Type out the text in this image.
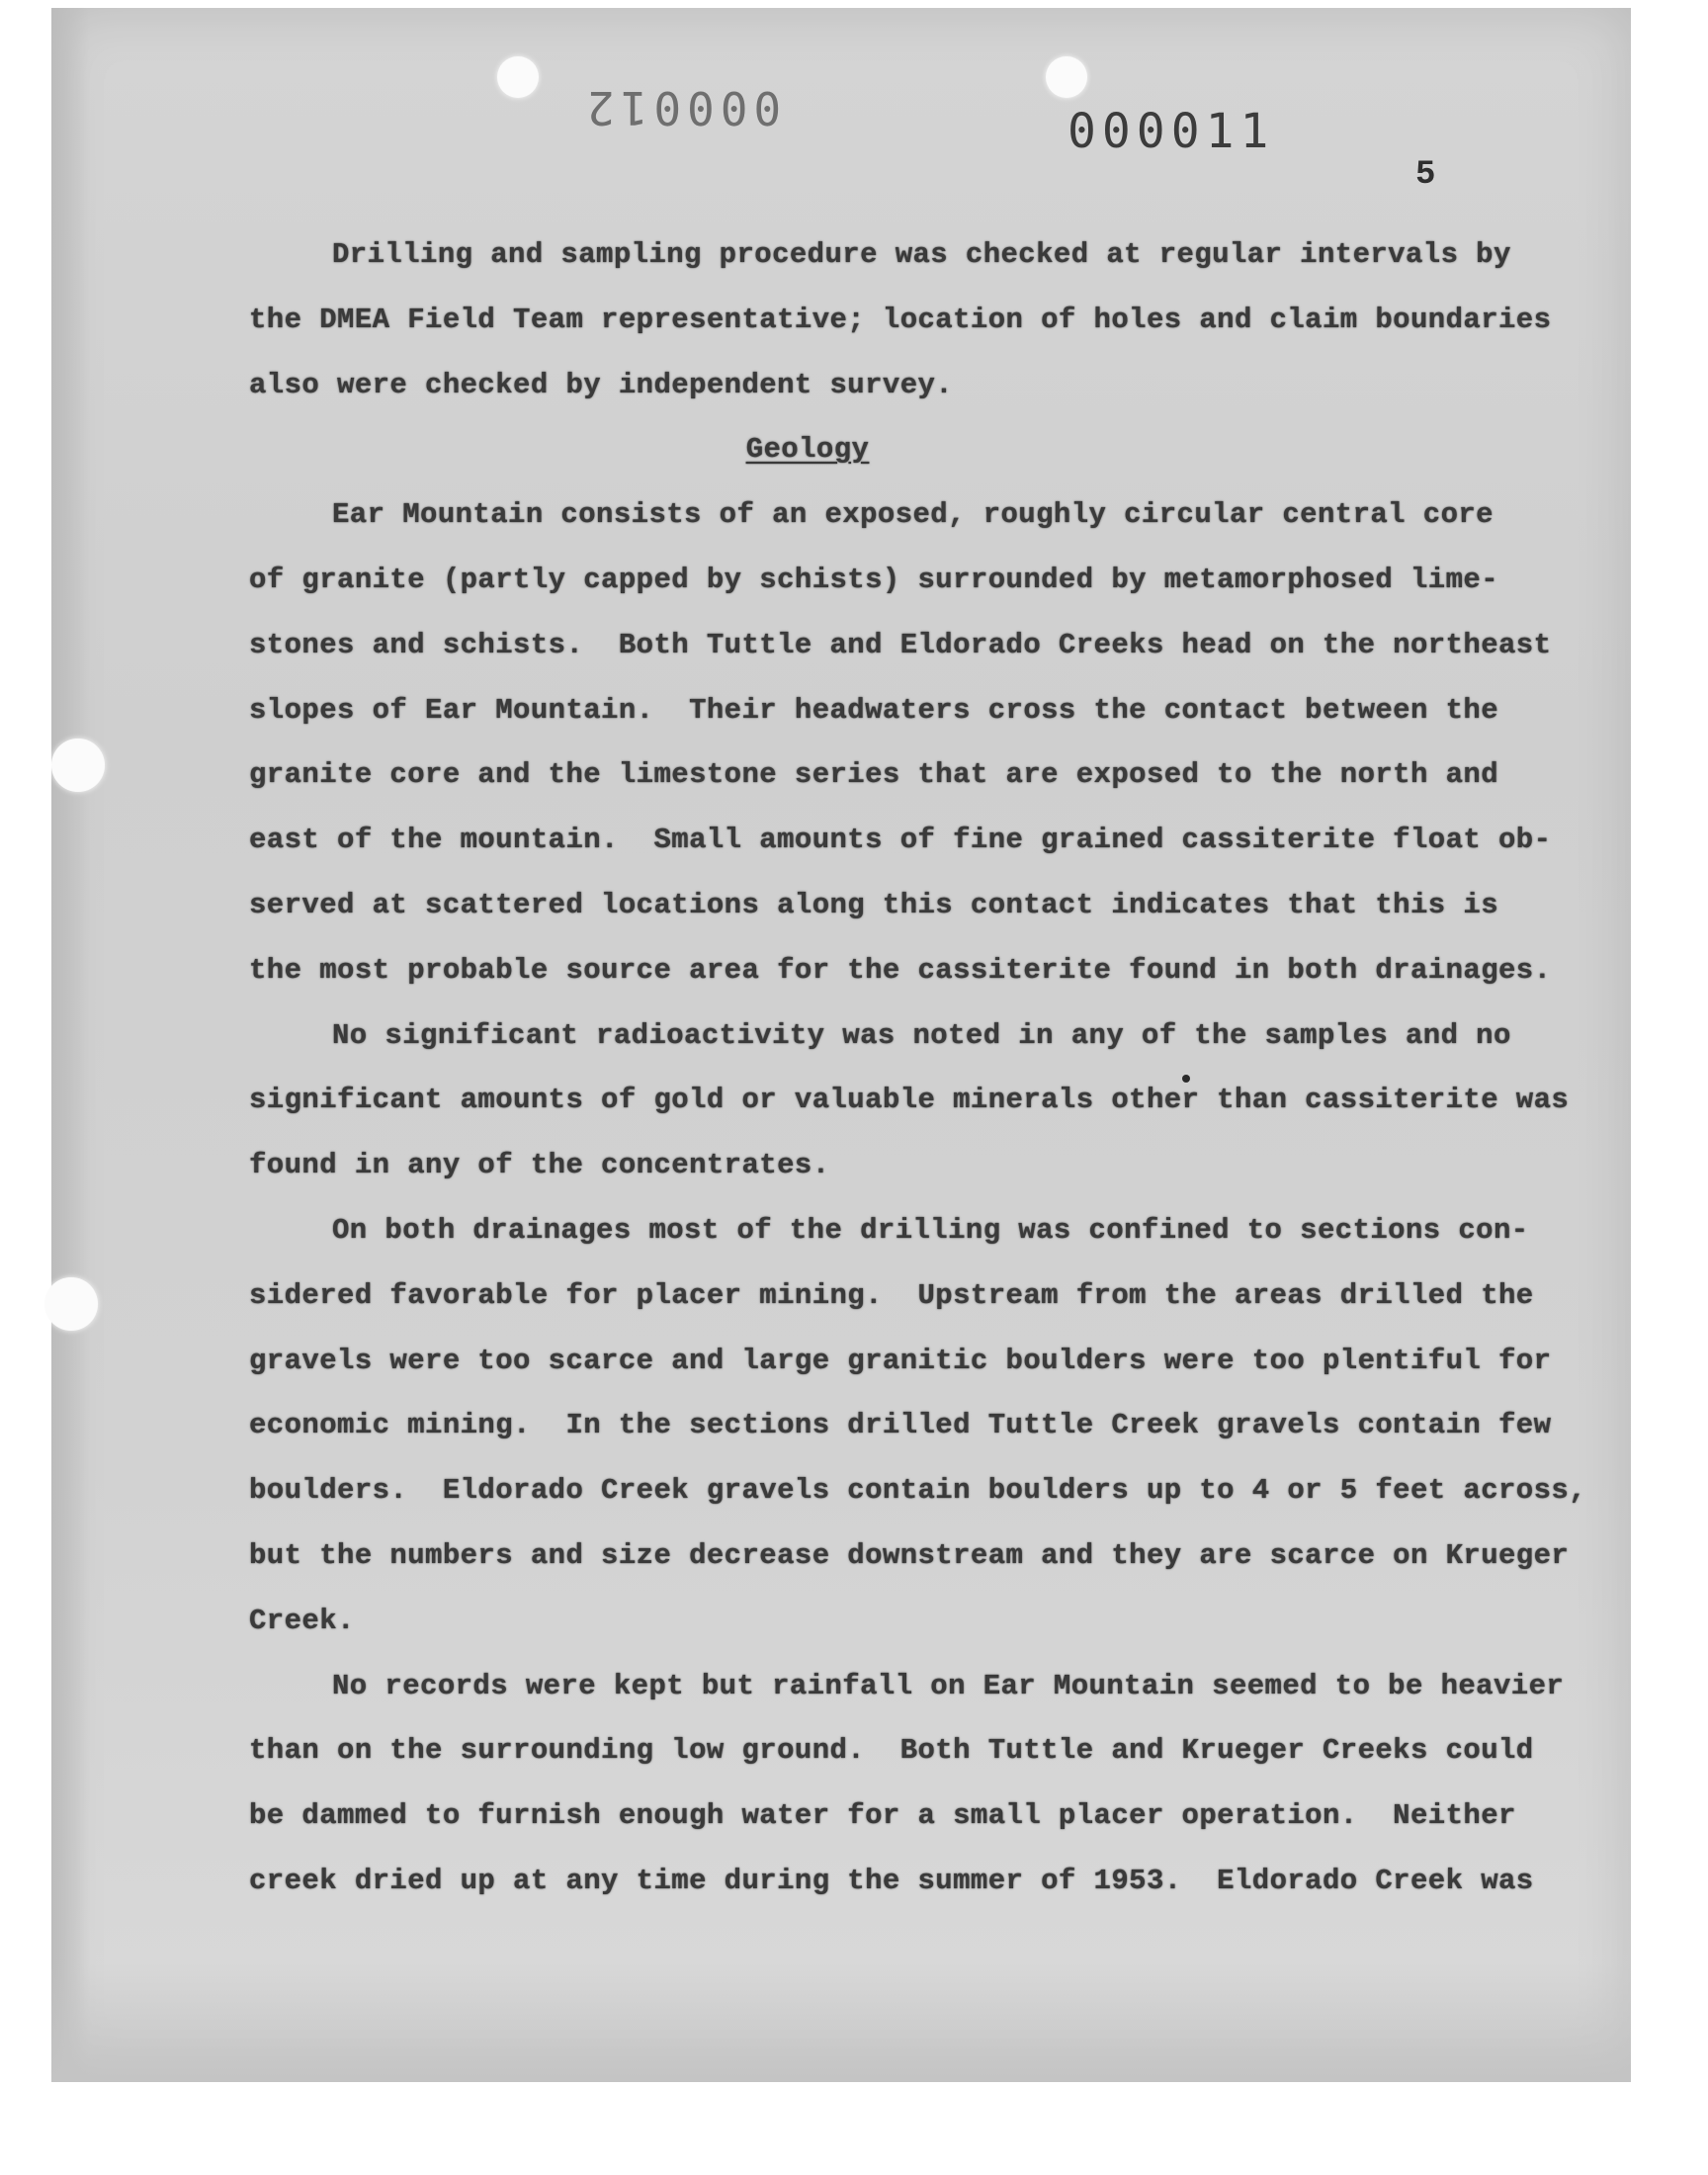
000012	000011
5
Drilling and sampling procedure was checked at regular intervals by
the DMEA Field Team representative; location of holes and claim boundaries
also were checked by independent survey.
Geology
Ear Mountain consists of an exposed, roughly circular central core
of granite (partly capped by schists) surrounded by metamorphosed lime-
stones and schists.  Both Tuttle and Eldorado Creeks head on the northeast
slopes of Ear Mountain.  Their headwaters cross the contact between the
granite core and the limestone series that are exposed to the north and
east of the mountain.  Small amounts of fine grained cassiterite float ob-
served at scattered locations along this contact indicates that this is
the most probable source area for the cassiterite found in both drainages.
No significant radioactivity was noted in any of the samples and no
significant amounts of gold or valuable minerals other than cassiterite was
found in any of the concentrates.
On both drainages most of the drilling was confined to sections con-
sidered favorable for placer mining.  Upstream from the areas drilled the
gravels were too scarce and large granitic boulders were too plentiful for
economic mining.  In the sections drilled Tuttle Creek gravels contain few
boulders.  Eldorado Creek gravels contain boulders up to 4 or 5 feet across,
but the numbers and size decrease downstream and they are scarce on Krueger
Creek.
No records were kept but rainfall on Ear Mountain seemed to be heavier
than on the surrounding low ground.  Both Tuttle and Krueger Creeks could
be dammed to furnish enough water for a small placer operation.  Neither
creek dried up at any time during the summer of 1953.  Eldorado Creek was
